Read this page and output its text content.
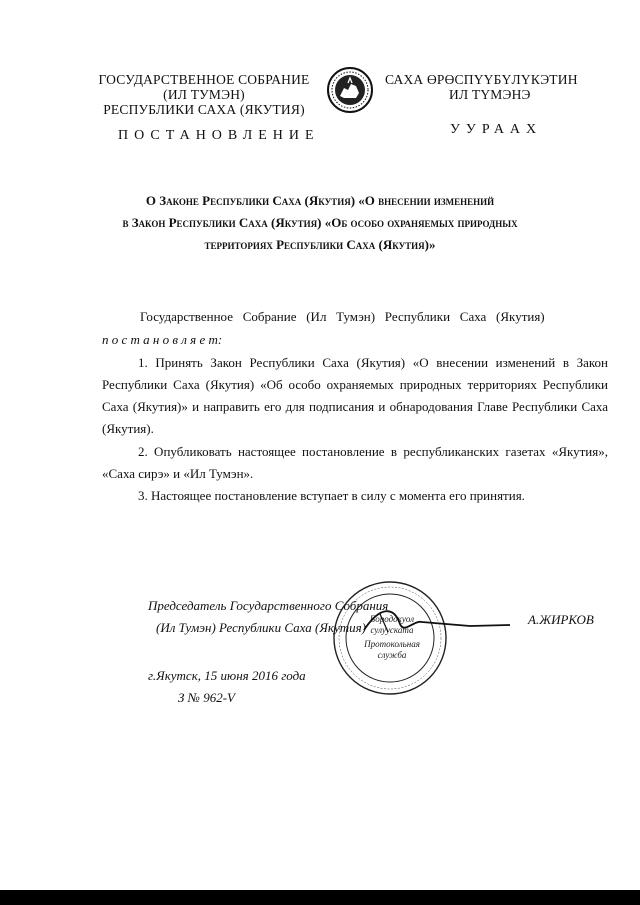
ГОСУДАРСТВЕННОЕ СОБРАНИЕ
(ИЛ ТУМЭН)
РЕСПУБЛИКИ САХА (ЯКУТИЯ)
ПОСТАНОВЛЕНИЕ
САХА ӨРӨСПҮҮБҮЛҮКЭТИН
ИЛ ТҮМЭНЭ
УУРААХ
О Законе Республики Саха (Якутия) «О внесении изменений
в Закон Республики Саха (Якутия) «Об особо охраняемых природных
территориях Республики Саха (Якутия)»
Государственное   Собрание   (Ил   Тумэн)   Республики   Саха   (Якутия)
п о с т а н о в л я е т:
1. Принять Закон Республики Саха (Якутия) «О внесении изменений в Закон Республики Саха (Якутия) «Об особо охраняемых природных территориях Республики Саха (Якутия)» и направить его для подписания и обнародования Главе Республики Саха (Якутия).
2. Опубликовать настоящее постановление в республиканских газетах «Якутия», «Саха сирэ» и «Ил Тумэн».
3. Настоящее постановление вступает в силу с момента его принятия.
Председатель Государственного Собрания
(Ил Тумэн) Республики Саха (Якутия)
А.ЖИРКОВ
Бородокуол
сулууската
Протокольная
служба
г.Якутск, 15 июня 2016 года
З № 962-V
